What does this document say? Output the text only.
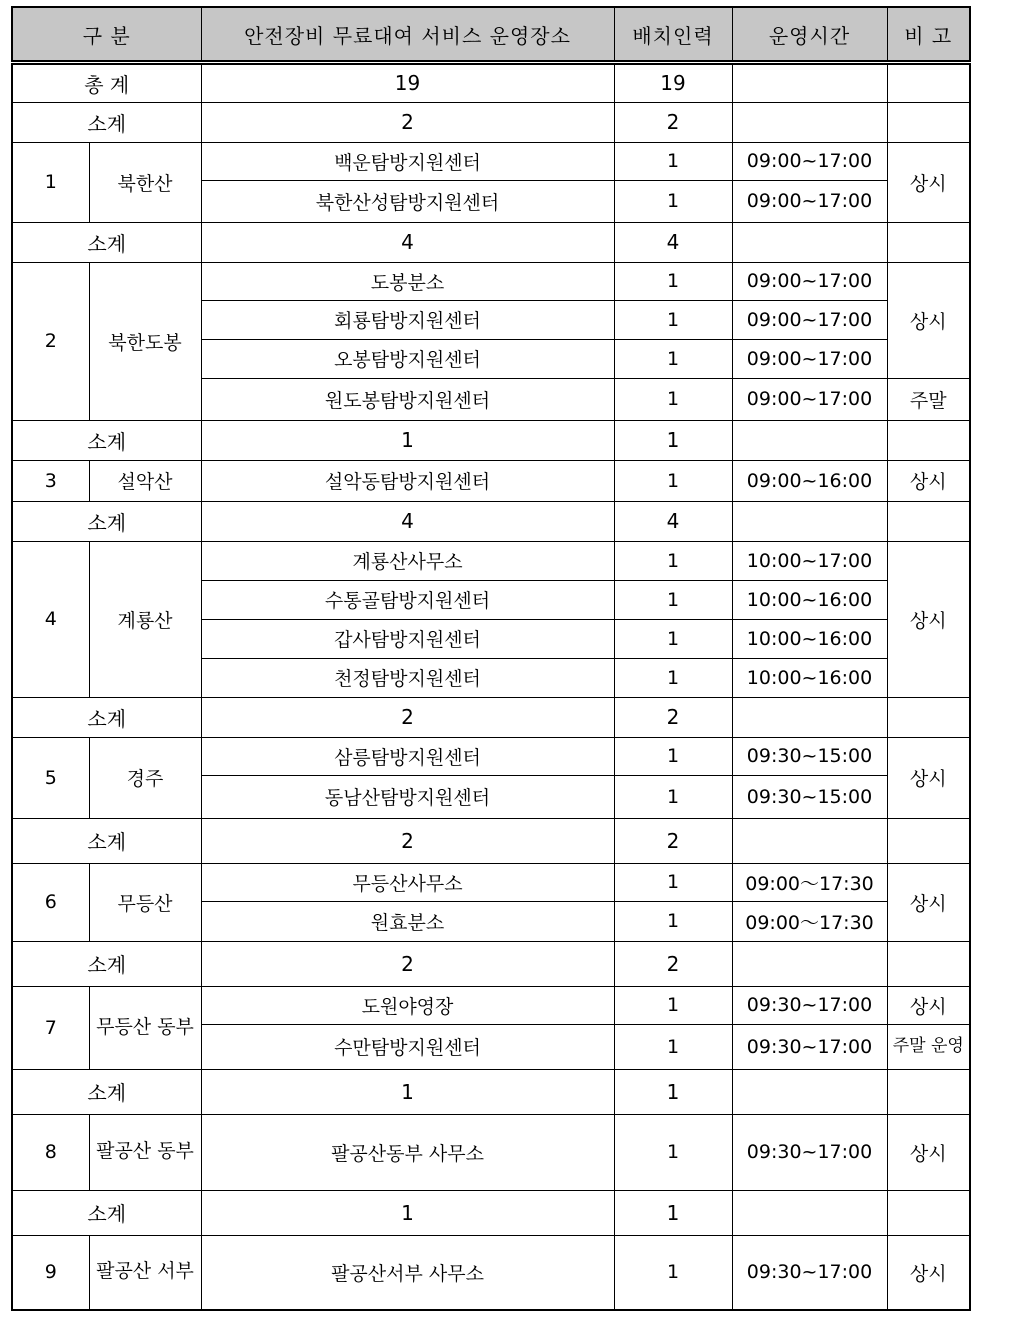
구 분	안전장비 무료대여 서비스 운영장소	배치인력	운영시간	비 고
총 계		19	19		
소계		2	2		
1	북한산	백운탐방지원센터	1	09:00~17:00	상시
		북한산성탐방지원센터	1	09:00~17:00	
소계		4	4		
2	북한도봉	도봉분소	1	09:00~17:00	상시
		회룡탐방지원센터	1	09:00~17:00	
		오봉탐방지원센터	1	09:00~17:00	
		원도봉탐방지원센터	1	09:00~17:00	주말
소계		1	1		
3	설악산	설악동탐방지원센터	1	09:00~16:00	상시
소계		4	4		
4	계룡산	계룡산사무소	1	10:00~17:00	상시
		수통골탐방지원센터	1	10:00~16:00	
		갑사탐방지원센터	1	10:00~16:00	
		천정탐방지원센터	1	10:00~16:00	
소계		2	2		
5	경주	삼릉탐방지원센터	1	09:30~15:00	상시
		동남산탐방지원센터	1	09:30~15:00	
소계		2	2		
6	무등산	무등산사무소	1	09:00～17:30	상시
		원효분소	1	09:00～17:30	
소계		2	2		
7	무등산 동부	도원야영장	1	09:30~17:00	상시
		수만탐방지원센터	1	09:30~17:00	주말 운영
소계		1	1		
8	팔공산 동부	팔공산동부 사무소	1	09:30~17:00	상시
소계		1	1		
9	팔공산 서부	팔공산서부 사무소	1	09:30~17:00	상시
